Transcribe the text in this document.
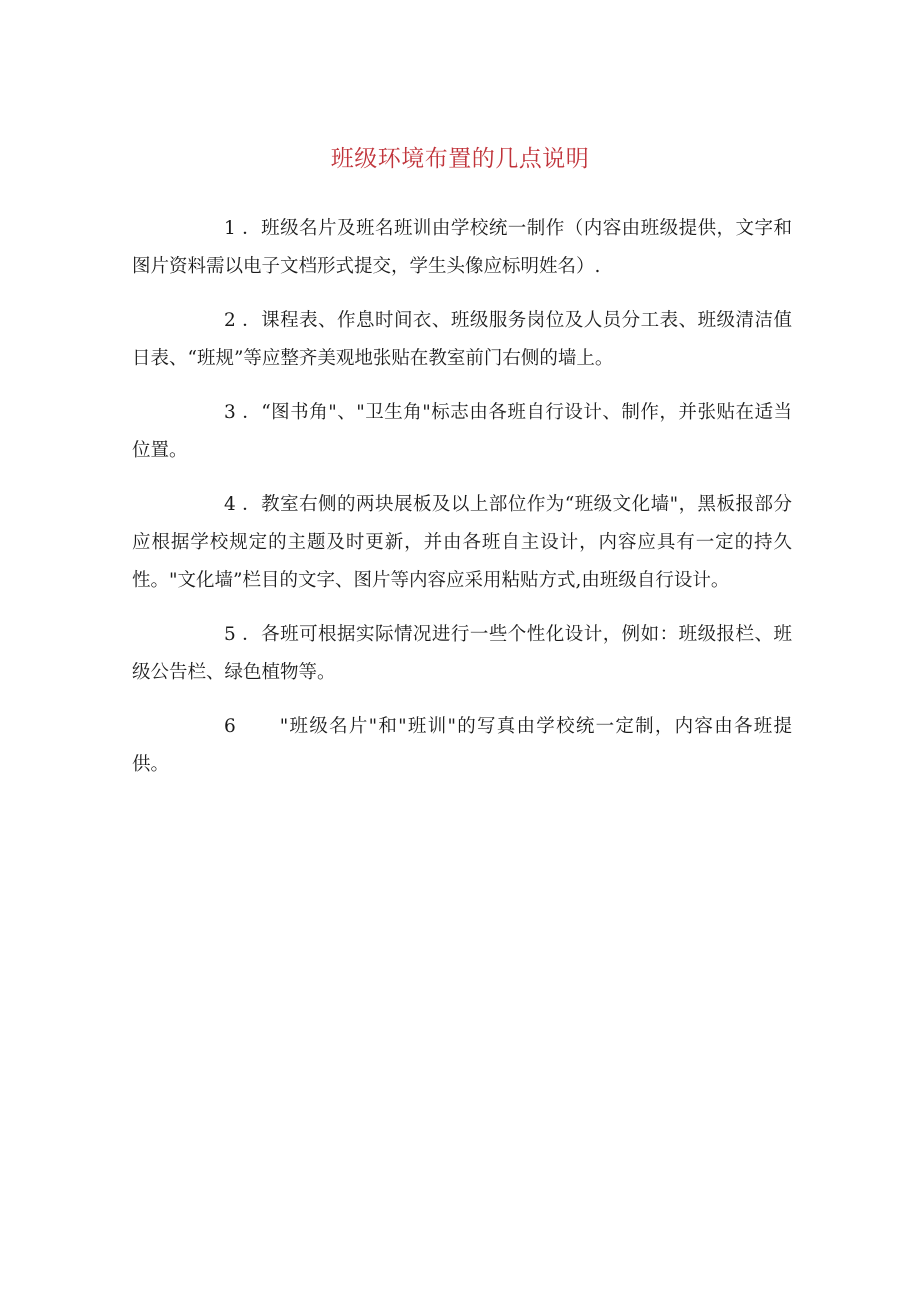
班级环境布置的几点说明

1 ．班级名片及班名班训由学校统一制作（内容由班级提供，文字和图片资料需以电子文档形式提交，学生头像应标明姓名）.

2 ．课程表、作息时间衣、班级服务岗位及人员分工表、班级清洁值日表、“班规”等应整齐美观地张贴在教室前门右侧的墙上。

3 ．“图书角"、"卫生角"标志由各班自行设计、制作，并张贴在适当位置。

4 ．教室右侧的两块展板及以上部位作为“班级文化墙"，黑板报部分应根据学校规定的主题及时更新，并由各班自主设计，内容应具有一定的持久性。"文化墙”栏目的文字、图片等内容应采用粘贴方式,由班级自行设计。

5 ．各班可根据实际情况进行一些个性化设计，例如：班级报栏、班级公告栏、绿色植物等。

6 "班级名片"和"班训"的写真由学校统一定制，内容由各班提供。
